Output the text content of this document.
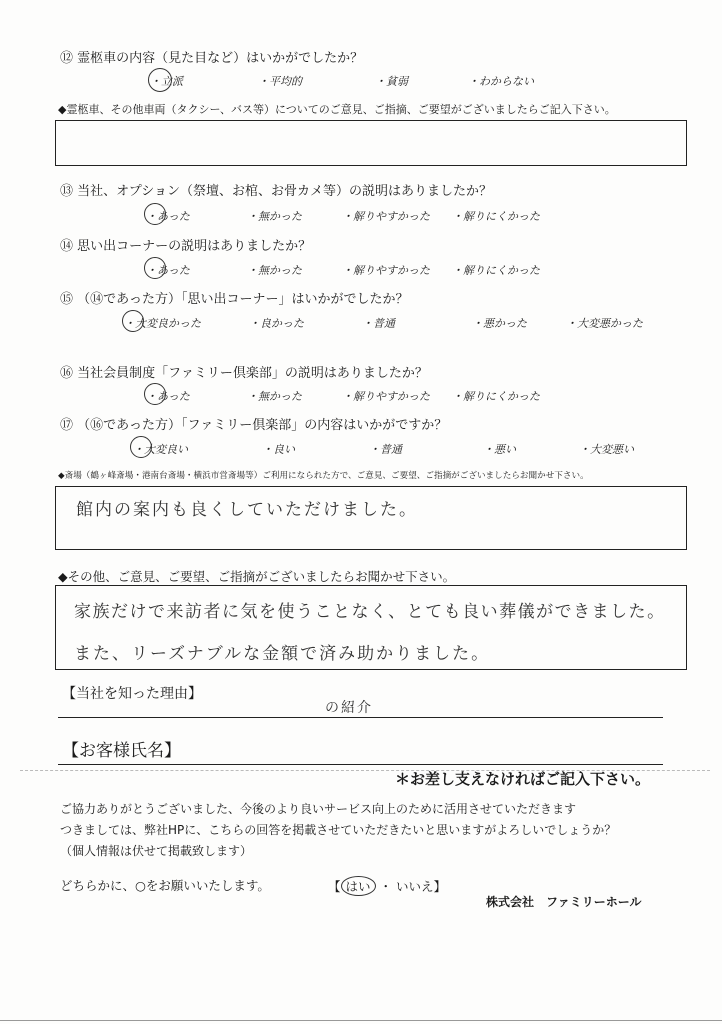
⑫ 霊柩車の内容（見た目など）はいかがでしたか？
・立派	・平均的	・貧弱	・わからない
◆霊柩車、その他車両（タクシー、バス等）についてのご意見、ご指摘、ご要望がございましたらご記入下さい。
⑬ 当社、オプション（祭壇、お棺、お骨カメ等）の説明はありましたか？
・あった	・無かった	・解りやすかった ・解りにくかった
⑭ 思い出コーナーの説明はありましたか？
・あった	・無かった	・解りやすかった ・解りにくかった
⑮ （⑭であった方）「思い出コーナー」はいかがでしたか？
・大変良かった	・良かった	・普通	・悪かった	・大変悪かった
⑯ 当社会員制度「ファミリー倶楽部」の説明はありましたか？
・あった	・無かった	・解りやすかった ・解りにくかった
⑰ （⑯であった方）「ファミリー倶楽部」の内容はいかがですか？
・大変良い	・良い	・普通	・悪い	・大変悪い
◆斎場（鶴ヶ峰斎場・港南台斎場・横浜市営斎場等）ご利用になられた方で、ご意見、ご要望、ご指摘がございましたらお聞かせ下さい。
館内の案内も良くしていただけました。
◆その他、ご意見、ご要望、ご指摘がございましたらお聞かせ下さい。
家族だけで来訪者に気を使うことなく、とても良い葬儀ができました。
また、リーズナブルな金額で済み助かりました。
【当社を知った理由】
の紹介
【お客様氏名】
＊お差し支えなければご記入下さい。
ご協力ありがとうございました、今後のより良いサービス向上のために活用させていただきます
つきましては、弊社HPに、こちらの回答を掲載させていただきたいと思いますがよろしいでしょうか？
（個人情報は伏せて掲載致します）
どちらかに、○をお願いいたします。	【 はい ・ いいえ】
株式会社　ファミリーホール
